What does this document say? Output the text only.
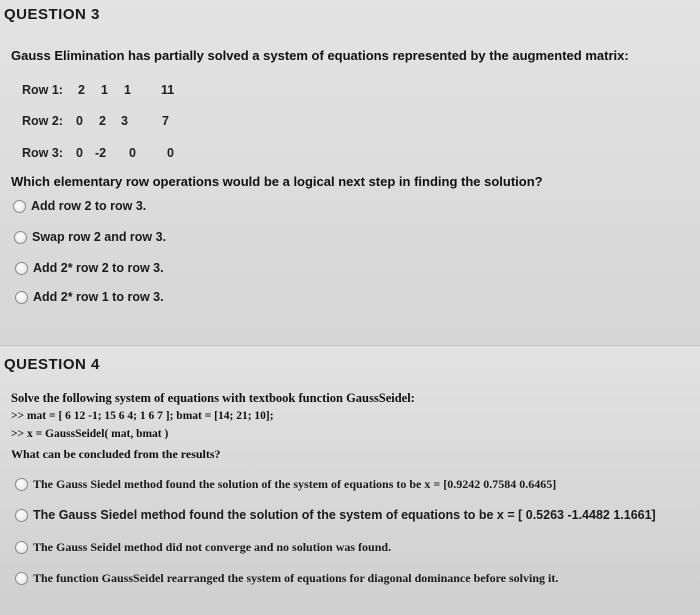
QUESTION 3
Gauss Elimination has partially solved a system of equations represented by the augmented matrix:
Row 1: 2 1 1 11
Row 2: 0 2 3	7
Row 3: 0 -2 0 0
Which elementary row operations would be a logical next step in finding the solution?
Add row 2 to row 3.
Swap row 2 and row 3.
Add 2* row 2 to row 3.
Add 2* row 1 to row 3.
QUESTION 4
Solve the following system of equations with textbook function GaussSeidel:
>> mat = [ 6 12 -1; 15 6 4; 1 6 7 ]; bmat = [14; 21; 10];
>> x = GaussSeidel( mat, bmat )
What can be concluded from the results?
The Gauss Siedel method found the solution of the system of equations to be x = [0.9242 0.7584 0.6465]
The Gauss Siedel method found the solution of the system of equations to be x = [ 0.5263 -1.4482 1.1661]
The Gauss Seidel method did not converge and no solution was found.
The function GaussSeidel rearranged the system of equations for diagonal dominance before solving it.
